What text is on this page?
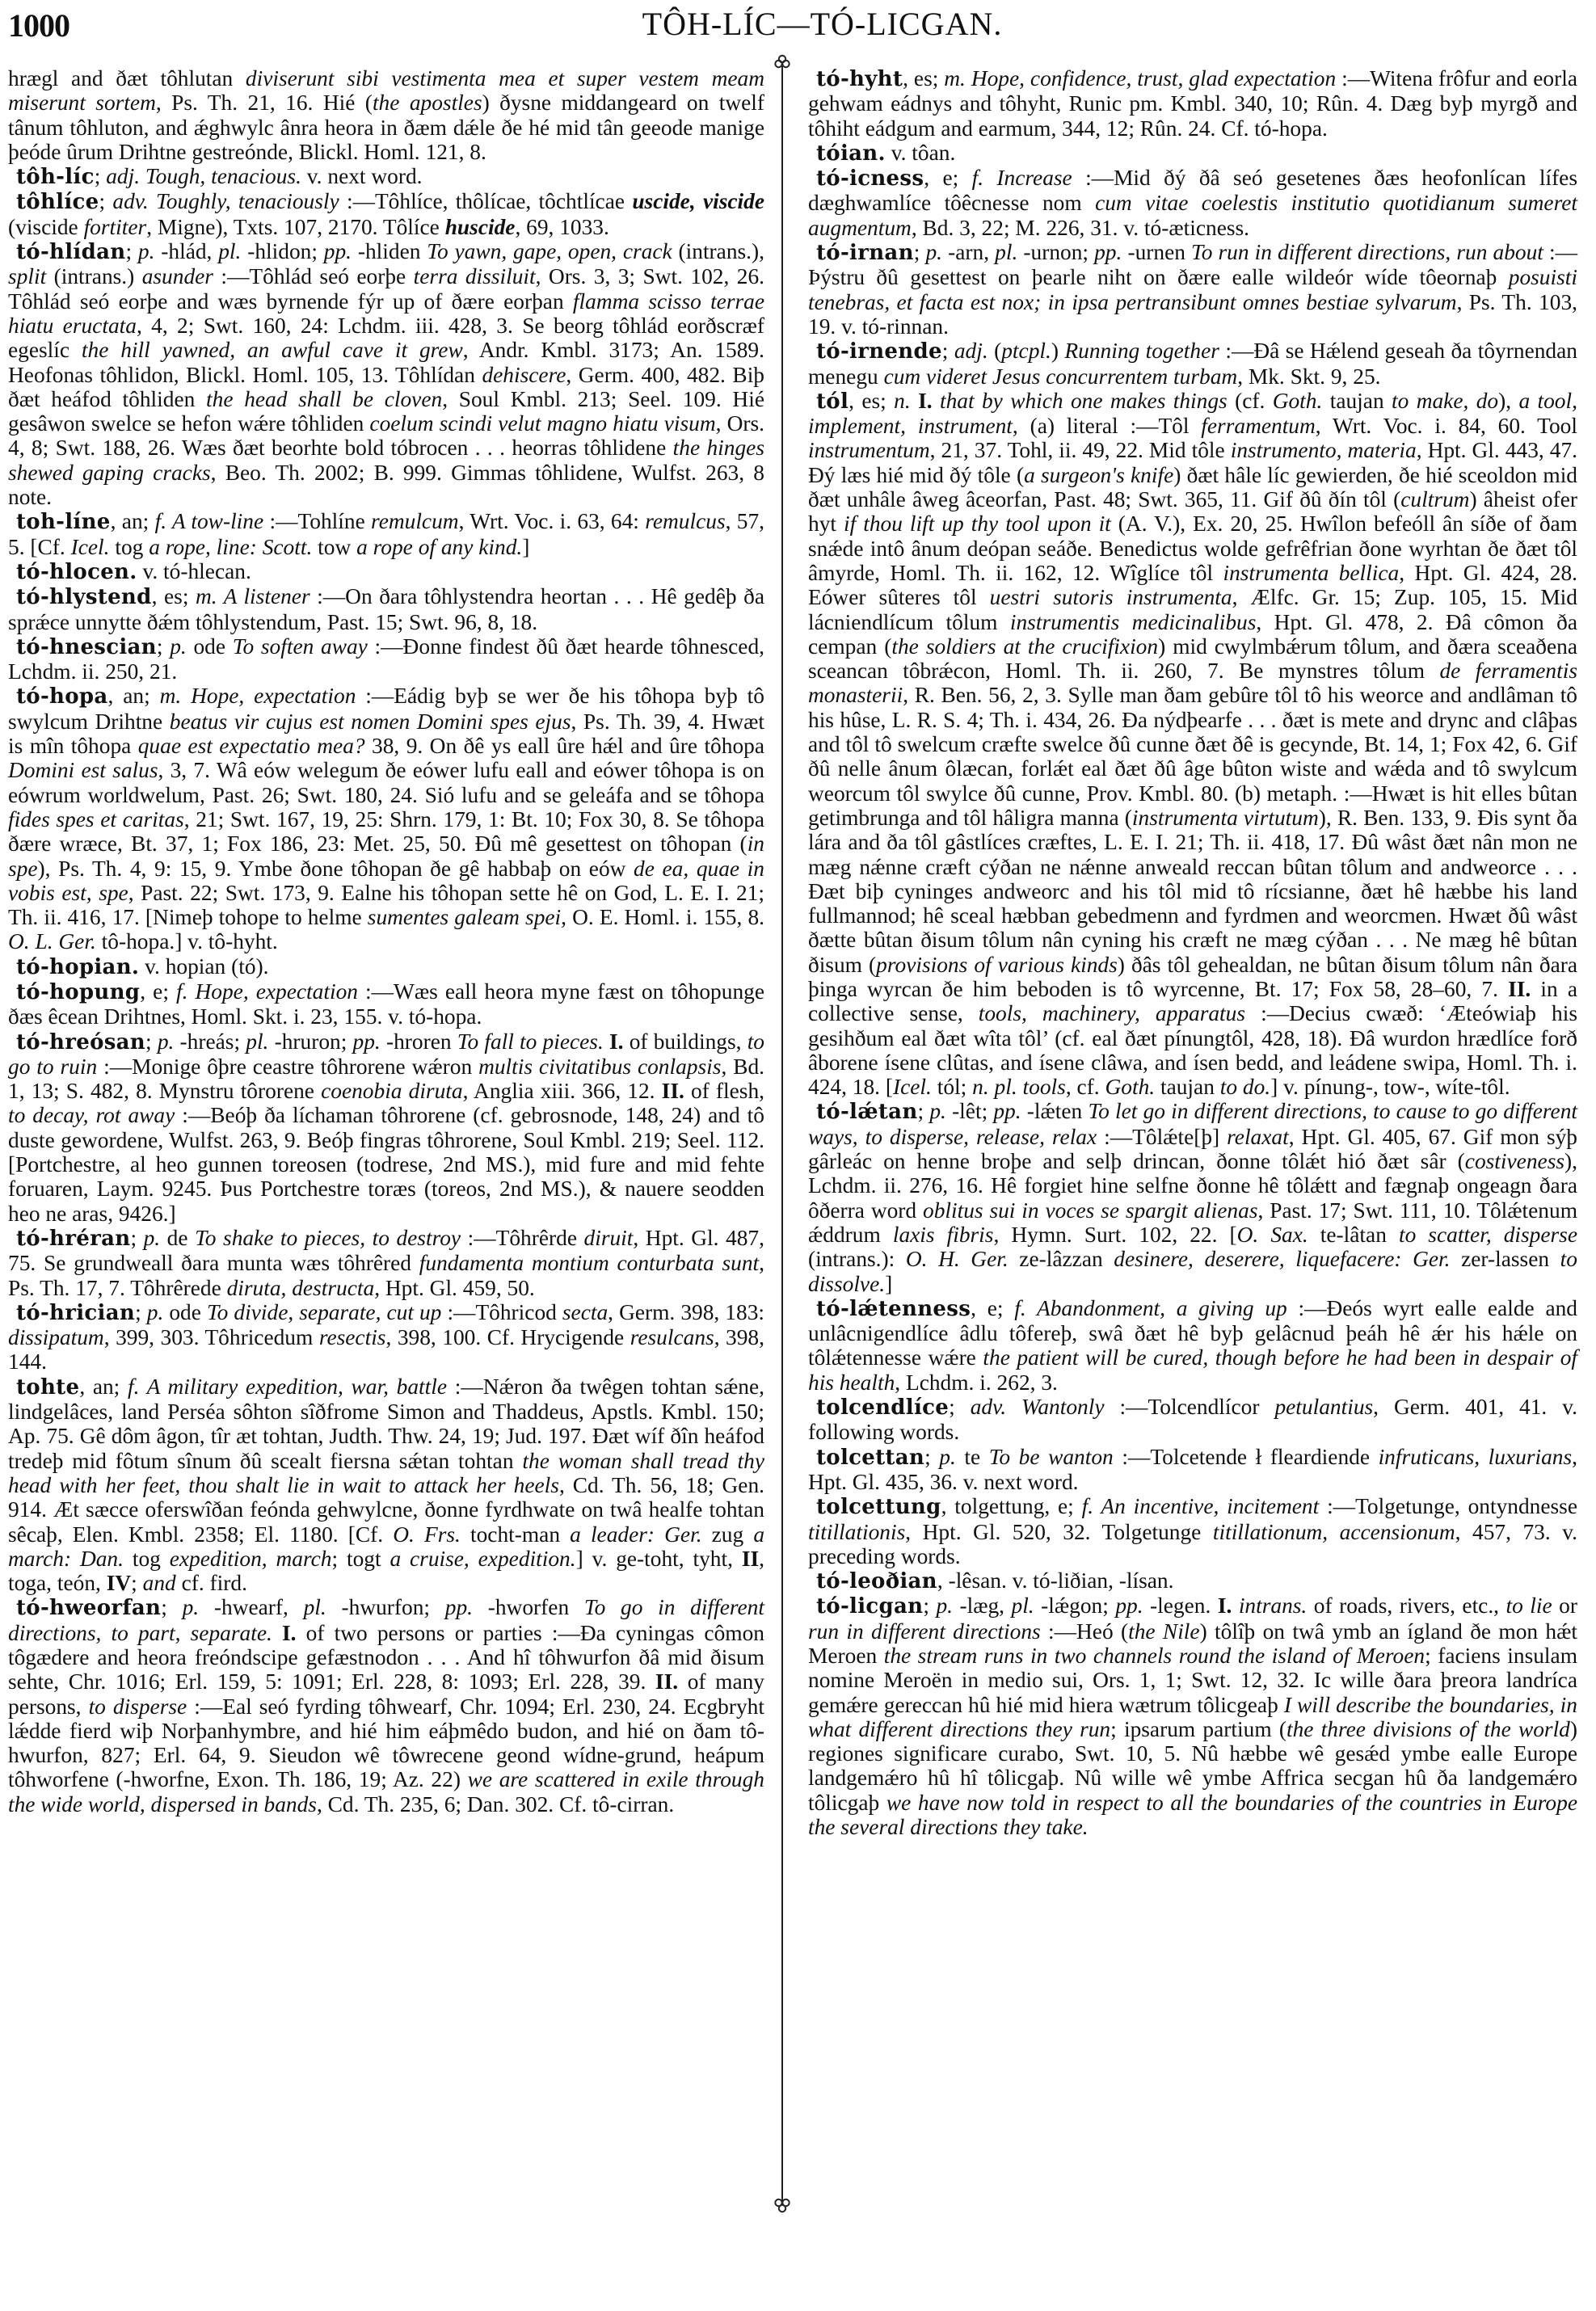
1000	TÔH-LÍC—TÓ-LICGAN.

hrægl and ðæt tôhlutan diviserunt sibi vestimenta mea et super vestem meam miserunt sortem, Ps. Th. 21, 16. Hié (the apostles) ðysne middangeard on twelf tânum tôhluton, and ǽghwylc ânra heora in ðæm dǽle ðe hé mid tân geeode manige þeóde ûrum Drihtne gestreónde, Blickl. Homl. 121, 8.

tôh-líc; adj. Tough, tenacious. v. next word.

tôhlíce; adv. Toughly, tenaciously :—Tôhlíce, thôlícae, tôchtlícae uscide, viscide (viscide fortiter, Migne), Txts. 107, 2170. Tôlíce huscide, 69, 1033.

tó-hlídan; p. -hlád, pl. -hlidon; pp. -hliden To yawn, gape, open, crack (intrans.), split (intrans.) asunder :—Tôhlád seó eorþe terra dissiluit, Ors. 3, 3; Swt. 102, 26. Tôhlád seó eorþe and wæs byrnende fýr up of ðære eorþan flamma scisso terrae hiatu eructata, 4, 2; Swt. 160, 24: Lchdm. iii. 428, 3. Se beorg tôhlád eorðscræf egeslíc the hill yawned, an awful cave it grew, Andr. Kmbl. 3173; An. 1589. Heofonas tôhlidon, Blickl. Homl. 105, 13. Tôhlídan dehiscere, Germ. 400, 482. Biþ ðæt heáfod tôhliden the head shall be cloven, Soul Kmbl. 213; Seel. 109. Hié gesâwon swelce se hefon wǽre tôhliden coelum scindi velut magno hiatu visum, Ors. 4, 8; Swt. 188, 26. Wæs ðæt beorhte bold tóbrocen . . . heorras tôhlidene the hinges shewed gaping cracks, Beo. Th. 2002; B. 999. Gimmas tôhlidene, Wulfst. 263, 8 note.

toh-líne, an; f. A tow-line :—Tohlíne remulcum, Wrt. Voc. i. 63, 64: remulcus, 57, 5. [Cf. Icel. tog a rope, line: Scott. tow a rope of any kind.]

tó-hlocen. v. tó-hlecan.

tó-hlystend, es; m. A listener :—On ðara tôhlystendra heortan . . . Hê gedêþ ða sprǽce unnytte ðǽm tôhlystendum, Past. 15; Swt. 96, 8, 18.

tó-hnescian; p. ode To soften away :—Ðonne findest ðû ðæt hearde tôhnesced, Lchdm. ii. 250, 21.

tó-hopa, an; m. Hope, expectation :—Eádig byþ se wer ðe his tôhopa byþ tô swylcum Drihtne beatus vir cujus est nomen Domini spes ejus, Ps. Th. 39, 4. Hwæt is mîn tôhopa quae est expectatio mea? 38, 9. On ðê ys eall ûre hǽl and ûre tôhopa Domini est salus, 3, 7. Wâ eów welegum ðe eówer lufu eall and eówer tôhopa is on eówrum worldwelum, Past. 26; Swt. 180, 24. Sió lufu and se geleáfa and se tôhopa fides spes et caritas, 21; Swt. 167, 19, 25: Shrn. 179, 1: Bt. 10; Fox 30, 8. Se tôhopa ðære wræce, Bt. 37, 1; Fox 186, 23: Met. 25, 50. Ðû mê gesettest on tôhopan (in spe), Ps. Th. 4, 9: 15, 9. Ymbe ðone tôhopan ðe gê habbaþ on eów de ea, quae in vobis est, spe, Past. 22; Swt. 173, 9. Ealne his tôhopan sette hê on God, L. E. I. 21; Th. ii. 416, 17. [Nimeþ tohope to helme sumentes galeam spei, O. E. Homl. i. 155, 8. O. L. Ger. tô-hopa.] v. tô-hyht.

tó-hopian. v. hopian (tó).

tó-hopung, e; f. Hope, expectation :—Wæs eall heora myne fæst on tôhopunge ðæs êcean Drihtnes, Homl. Skt. i. 23, 155. v. tó-hopa.

tó-hreósan; p. -hreás; pl. -hruron; pp. -hroren To fall to pieces. I. of buildings, to go to ruin :—Monige ôþre ceastre tôhrorene wǽron multis civitatibus conlapsis, Bd. 1, 13; S. 482, 8. Mynstru tôrorene coenobia diruta, Anglia xiii. 366, 12. II. of flesh, to decay, rot away :—Beóþ ða líchaman tôhrorene (cf. gebrosnode, 148, 24) and tô duste gewordene, Wulfst. 263, 9. Beóþ fingras tôhrorene, Soul Kmbl. 219; Seel. 112. [Portchestre, al heo gunnen toreosen (todrese, 2nd MS.), mid fure and mid fehte foruaren, Laym. 9245. Þus Portchestre toræs (toreos, 2nd MS.), & nauere seodden heo ne aras, 9426.]

tó-hréran; p. de To shake to pieces, to destroy :—Tôhrêrde diruit, Hpt. Gl. 487, 75. Se grundweall ðara munta wæs tôhrêred fundamenta montium conturbata sunt, Ps. Th. 17, 7. Tôhrêrede diruta, destructa, Hpt. Gl. 459, 50.

tó-hrician; p. ode To divide, separate, cut up :—Tôhricod secta, Germ. 398, 183: dissipatum, 399, 303. Tôhricedum resectis, 398, 100. Cf. Hrycigende resulcans, 398, 144.

tohte, an; f. A military expedition, war, battle :—Nǽron ða twêgen tohtan sǽne, lindgelâces, land Perséa sôhton sîðfrome Simon and Thaddeus, Apstls. Kmbl. 150; Ap. 75. Gê dôm âgon, tîr æt tohtan, Judth. Thw. 24, 19; Jud. 197. Ðæt wíf ðîn heáfod tredeþ mid fôtum sînum ðû scealt fiersna sǽtan tohtan the woman shall tread thy head with her feet, thou shalt lie in wait to attack her heels, Cd. Th. 56, 18; Gen. 914. Æt sæcce oferswîðan feónda gehwylcne, ðonne fyrdhwate on twâ healfe tohtan sêcaþ, Elen. Kmbl. 2358; El. 1180. [Cf. O. Frs. tocht-man a leader: Ger. zug a march: Dan. tog expedition, march; togt a cruise, expedition.] v. ge-toht, tyht, II, toga, teón, IV; and cf. fird.

tó-hweorfan; p. -hwearf, pl. -hwurfon; pp. -hworfen To go in different directions, to part, separate. I. of two persons or parties :—Ða cyningas cômon tôgædere and heora freóndscipe gefæstnodon . . . And hî tôhwurfon ðâ mid ðisum sehte, Chr. 1016; Erl. 159, 5: 1091; Erl. 228, 8: 1093; Erl. 228, 39. II. of many persons, to disperse :—Eal seó fyrding tôhwearf, Chr. 1094; Erl. 230, 24. Ecgbryht lǽdde fierd wiþ Norþanhymbre, and hié him eáþmêdo budon, and hié on ðam tôhwurfon, 827; Erl. 64, 9. Sieudon wê tôwrecene geond wídne-grund, heápum tôhworfene (-hworfne, Exon. Th. 186, 19; Az. 22) we are scattered in exile through the wide world, dispersed in bands, Cd. Th. 235, 6; Dan. 302. Cf. tô-cirran.

tó-hyht, es; m. Hope, confidence, trust, glad expectation :—Witena frôfur and eorla gehwam eádnys and tôhyht, Runic pm. Kmbl. 340, 10; Rûn. 4. Dæg byþ myrgð and tôhiht eádgum and earmum, 344, 12; Rûn. 24. Cf. tó-hopa.

tóian. v. tôan.

tó-icness, e; f. Increase :—Mid ðý ðâ seó gesetenes ðæs heofonlícan lífes dæghwamlíce tôêcnesse nom cum vitae coelestis institutio quotidianum sumeret augmentum, Bd. 3, 22; M. 226, 31. v. tó-æticness.

tó-irnan; p. -arn, pl. -urnon; pp. -urnen To run in different directions, run about :—Þýstru ðû gesettest on þearle niht on ðære ealle wildeór wíde tôeornaþ posuisti tenebras, et facta est nox; in ipsa pertransibunt omnes bestiae sylvarum, Ps. Th. 103, 19. v. tó-rinnan.

tó-irnende; adj. (ptcpl.) Running together :—Ðâ se Hǽlend geseah ða tôyrnendan menegu cum videret Jesus concurrentem turbam, Mk. Skt. 9, 25.

tól, es; n. I. that by which one makes things (cf. Goth. taujan to make, do), a tool, implement, instrument, (a) literal :—Tôl ferramentum, Wrt. Voc. i. 84, 60. Tool instrumentum, 21, 37. Tohl, ii. 49, 22. Mid tôle instrumento, materia, Hpt. Gl. 443, 47. Ðý læs hié mid ðý tôle (a surgeon's knife) ðæt hâle líc gewierden, ðe hié sceoldon mid ðæt unhâle âweg âceorfan, Past. 48; Swt. 365, 11. Gif ðû ðín tôl (cultrum) âheist ofer hyt if thou lift up thy tool upon it (A. V.), Ex. 20, 25. Hwîlon befeóll ân síðe of ðam snǽde intô ânum deópan seáðe. Benedictus wolde gefrêfrian ðone wyrhtan ðe ðæt tôl âmyrde, Homl. Th. ii. 162, 12. Wîglíce tôl instrumenta bellica, Hpt. Gl. 424, 28. Eówer sûteres tôl uestri sutoris instrumenta, Ælfc. Gr. 15; Zup. 105, 15. Mid lácniendlícum tôlum instrumentis medicinalibus, Hpt. Gl. 478, 2. Ðâ cômon ða cempan (the soldiers at the crucifixion) mid cwylmbǽrum tôlum, and ðæra sceaðena sceancan tôbrǽcon, Homl. Th. ii. 260, 7. Be mynstres tôlum de ferramentis monasterii, R. Ben. 56, 2, 3. Sylle man ðam gebûre tôl tô his weorce and andlâman tô his hûse, L. R. S. 4; Th. i. 434, 26. Ða nýdþearfe . . . ðæt is mete and drync and clâþas and tôl tô swelcum cræfte swelce ðû cunne ðæt ðê is gecynde, Bt. 14, 1; Fox 42, 6. Gif ðû nelle ânum ôlæcan, forlǽt eal ðæt ðû âge bûton wiste and wǽda and tô swylcum weorcum tôl swylce ðû cunne, Prov. Kmbl. 80. (b) metaph. :—Hwæt is hit elles bûtan getimbrunga and tôl hâligra manna (instrumenta virtutum), R. Ben. 133, 9. Ðis synt ða lára and ða tôl gâstlíces cræftes, L. E. I. 21; Th. ii. 418, 17. Ðû wâst ðæt nân mon ne mæg nǽnne cræft cýðan ne nǽnne anweald reccan bûtan tôlum and andweorce . . . Ðæt biþ cyninges andweorc and his tôl mid tô rícsianne, ðæt hê hæbbe his land fullmannod; hê sceal hæbban gebedmenn and fyrdmen and weorcmen. Hwæt ðû wâst ðætte bûtan ðisum tôlum nân cyning his cræft ne mæg cýðan . . . Ne mæg hê bûtan ðisum (provisions of various kinds) ðâs tôl gehealdan, ne bûtan ðisum tôlum nân ðara þinga wyrcan ðe him beboden is tô wyrcenne, Bt. 17; Fox 58, 28–60, 7. II. in a collective sense, tools, machinery, apparatus :—Decius cwæð: ‘Æteówiaþ his gesihðum eal ðæt wîta tôl’ (cf. eal ðæt pínungtôl, 428, 18). Ðâ wurdon hrædlíce forð âborene ísene clûtas, and ísene clâwa, and ísen bedd, and leádene swipa, Homl. Th. i. 424, 18. [Icel. tól; n. pl. tools, cf. Goth. taujan to do.] v. pínung-, tow-, wíte-tôl.

tó-lǽtan; p. -lêt; pp. -lǽten To let go in different directions, to cause to go different ways, to disperse, release, relax :—Tôlǽte[þ] relaxat, Hpt. Gl. 405, 67. Gif mon sýþ gârleác on henne broþe and selþ drincan, ðonne tôlǽt hió ðæt sâr (costiveness), Lchdm. ii. 276, 16. Hê forgiet hine selfne ðonne hê tôlǽtt and fægnaþ ongeagn ðara ôðerra word oblitus sui in voces se spargit alienas, Past. 17; Swt. 111, 10. Tôlǽtenum ǽddrum laxis fibris, Hymn. Surt. 102, 22. [O. Sax. te-lâtan to scatter, disperse (intrans.): O. H. Ger. ze-lâzzan desinere, deserere, liquefacere: Ger. zer-lassen to dissolve.]

tó-lǽtenness, e; f. Abandonment, a giving up :—Ðeós wyrt ealle ealde and unlâcnigendlíce âdlu tôfereþ, swâ ðæt hê byþ gelâcnud þeáh hê ǽr his hǽle on tôlǽtennesse wǽre the patient will be cured, though before he had been in despair of his health, Lchdm. i. 262, 3.

tolcendlíce; adv. Wantonly :—Tolcendlícor petulantius, Germ. 401, 41. v. following words.

tolcettan; p. te To be wanton :—Tolcetende ł fleardiende infruticans, luxurians, Hpt. Gl. 435, 36. v. next word.

tolcettung, tolgettung, e; f. An incentive, incitement :—Tolgetunge, ontyndnesse titillationis, Hpt. Gl. 520, 32. Tolgetunge titillationum, accensionum, 457, 73. v. preceding words.

tó-leoðian, -lêsan. v. tó-liðian, -lísan.

tó-licgan; p. -læg, pl. -lǽgon; pp. -legen. I. intrans. of roads, rivers, etc., to lie or run in different directions :—Heó (the Nile) tôlîþ on twâ ymb an ígland ðe mon hǽt Meroen the stream runs in two channels round the island of Meroen; faciens insulam nomine Meroën in medio sui, Ors. 1, 1; Swt. 12, 32. Ic wille ðara þreora landríca gemǽre gereccan hû hié mid hiera wætrum tôlicgeaþ I will describe the boundaries, in what different directions they run; ipsarum partium (the three divisions of the world) regiones significare curabo, Swt. 10, 5. Nû hæbbe wê gesǽd ymbe ealle Europe landgemǽro hû hî tôlicgaþ. Nû wille wê ymbe Affrica secgan hû ða landgemǽro tôlicgaþ we have now told in respect to all the boundaries of the countries in Europe the several directions they take.
